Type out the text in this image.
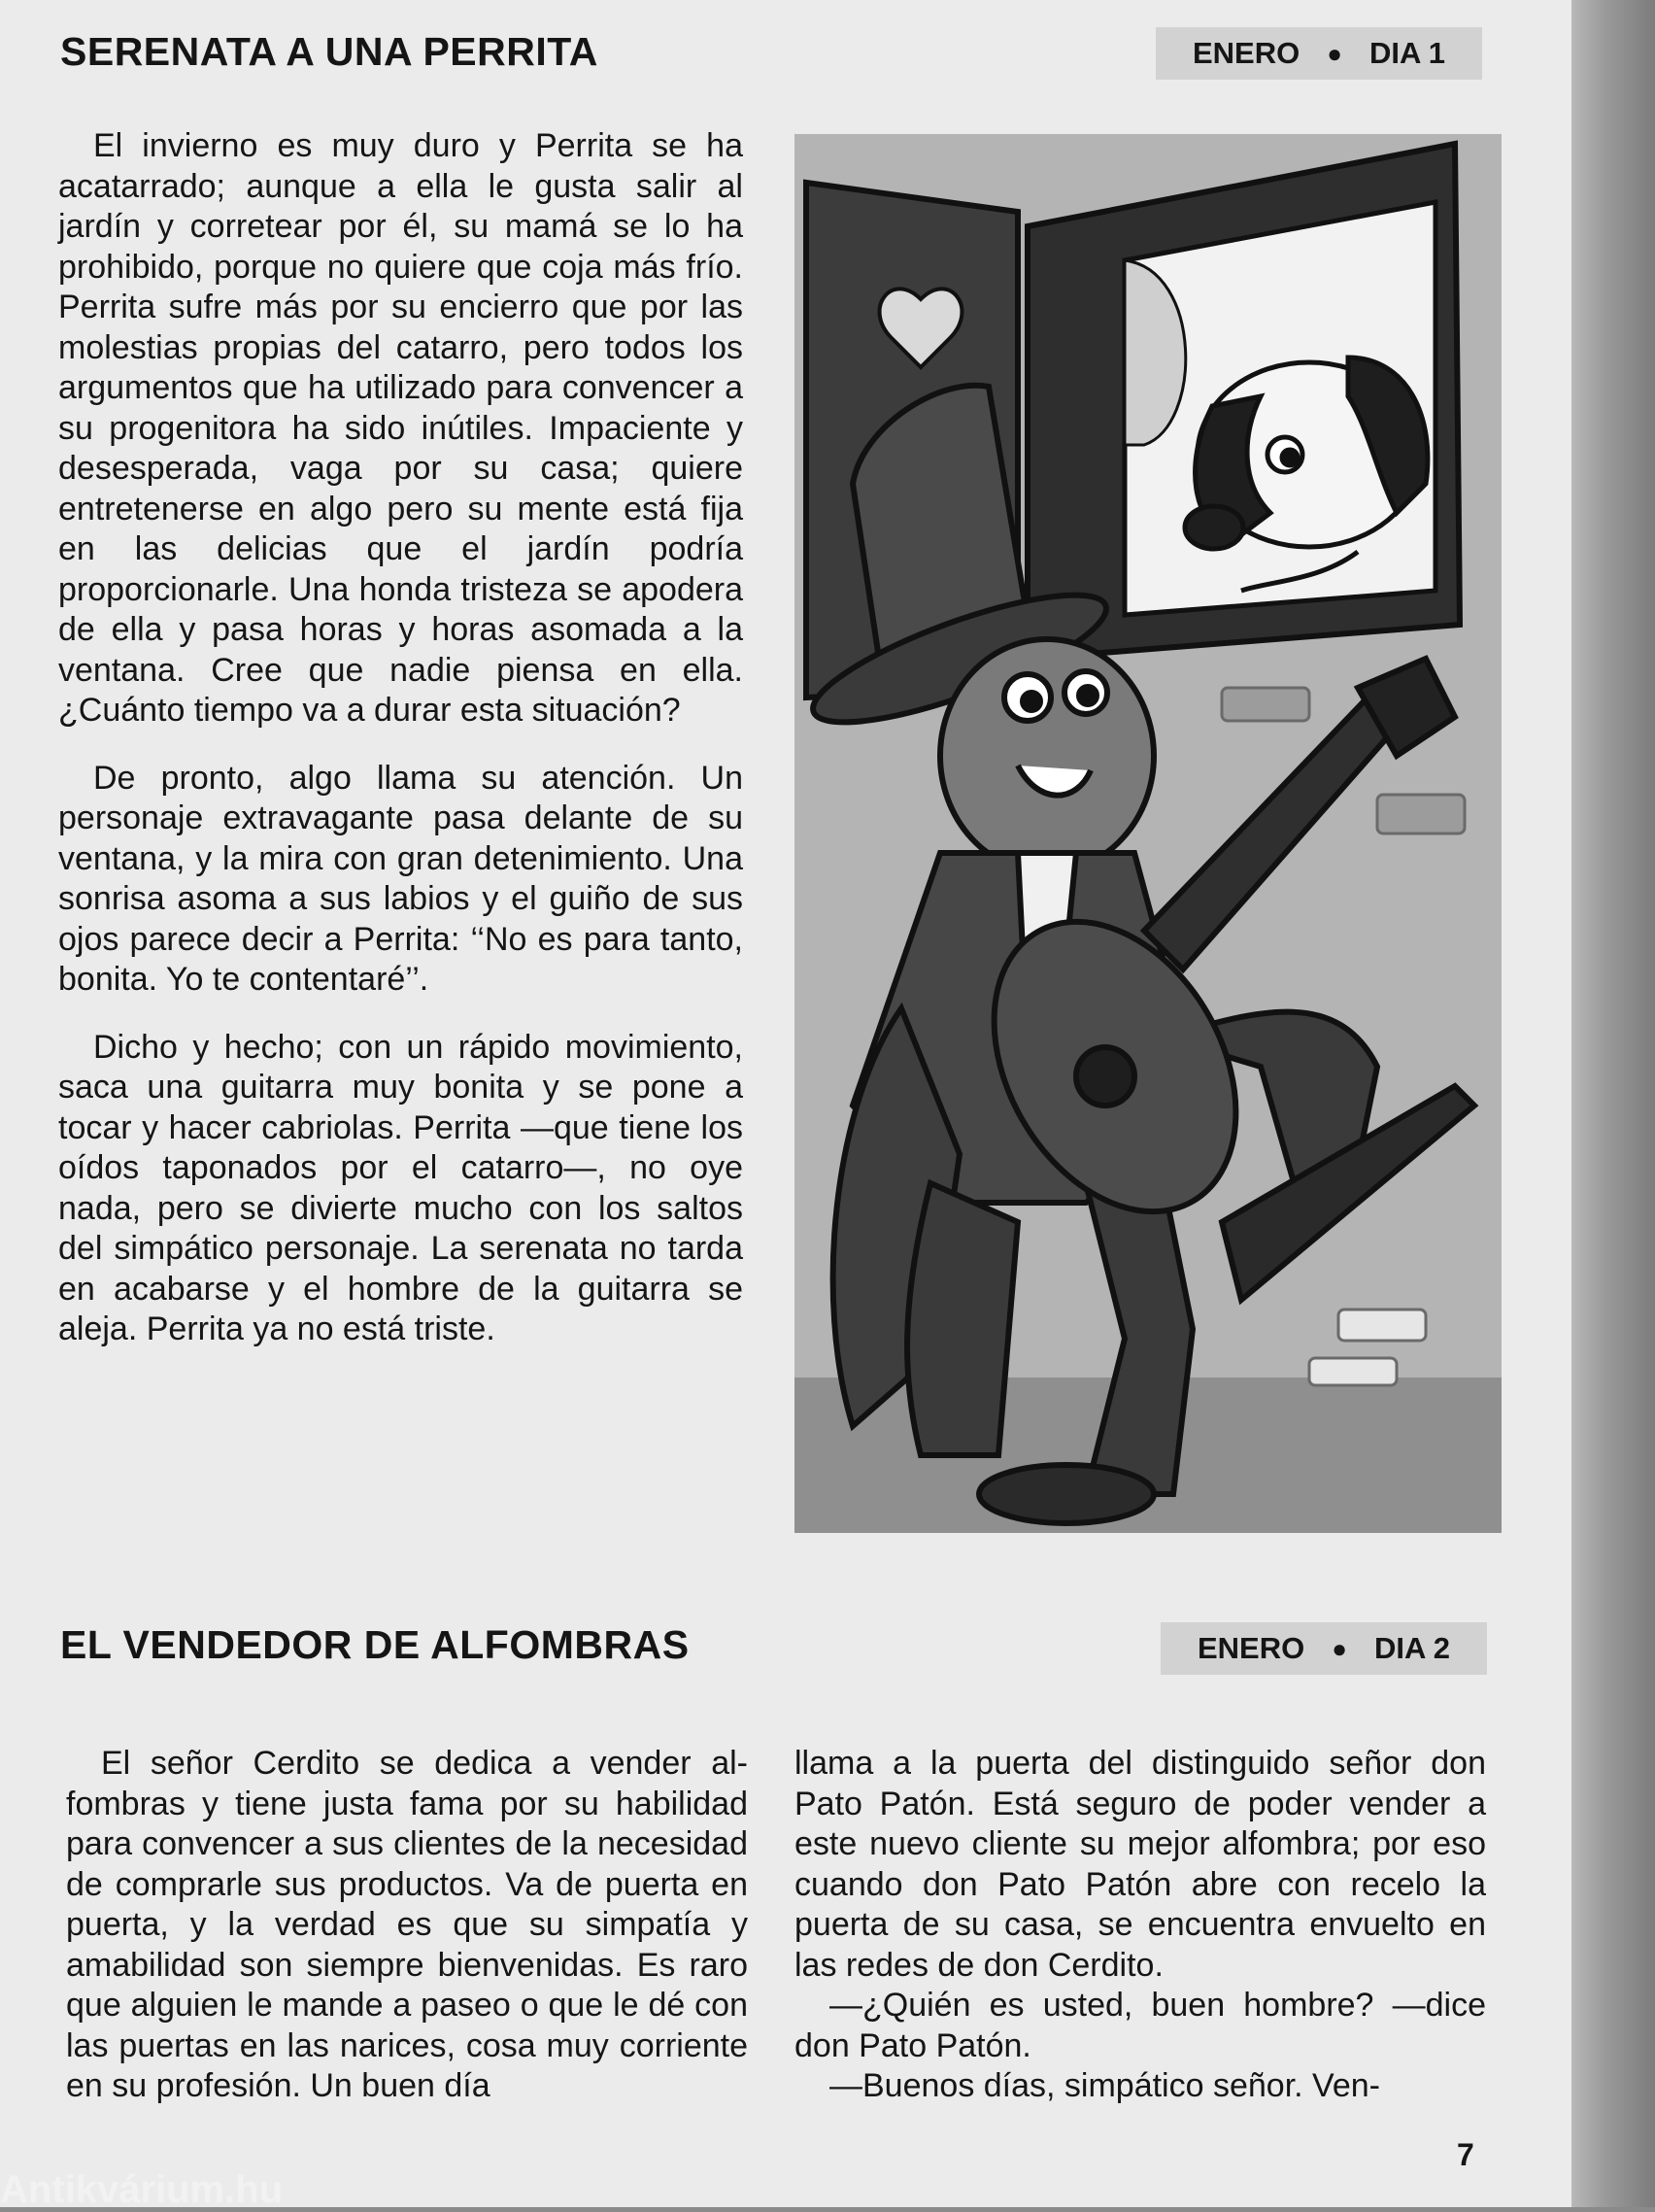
SERENATA A UNA PERRITA	ENERO ● DIA 1

El invierno es muy duro y Perrita se ha acatarrado; aunque a ella le gusta salir al jardín y corretear por él, su mamá se lo ha prohibido, porque no quiere que coja más frío. Perrita sufre más por su encierro que por las molestias propias del catarro, pero todos los argumentos que ha utilizado para convencer a su progenitora ha sido inútiles. Impaciente y desesperada, vaga por su casa; quiere entretenerse en algo pero su mente está fija en las delicias que el jardín podría proporcionarle. Una honda tristeza se apodera de ella y pasa horas y horas asomada a la ventana. Cree que nadie piensa en ella. ¿Cuánto tiempo va a durar esta situación?

De pronto, algo llama su atención. Un personaje extravagante pasa delante de su ventana, y la mira con gran detenimiento. Una sonrisa asoma a sus labios y el guiño de sus ojos parece decir a Perrita: ‘‘No es para tanto, bonita. Yo te contentaré’’.

Dicho y hecho; con un rápido movimiento, saca una guitarra muy bonita y se pone a tocar y hacer cabriolas. Perrita —que tiene los oídos taponados por el catarro—, no oye nada, pero se divierte mucho con los saltos del simpático personaje. La serenata no tarda en acabarse y el hombre de la guitarra se aleja. Perrita ya no está triste.

EL VENDEDOR DE ALFOMBRAS	ENERO ● DIA 2

El señor Cerdito se dedica a vender alfombras y tiene justa fama por su habilidad para convencer a sus clientes de la necesidad de comprarle sus productos. Va de puerta en puerta, y la verdad es que su simpatía y amabilidad son siempre bienvenidas. Es raro que alguien le mande a paseo o que le dé con las puertas en las narices, cosa muy corriente en su profesión. Un buen día

llama a la puerta del distinguido señor don Pato Patón. Está seguro de poder vender a este nuevo cliente su mejor alfombra; por eso cuando don Pato Patón abre con recelo la puerta de su casa, se encuentra envuelto en las redes de don Cerdito.

—¿Quién es usted, buen hombre? —dice don Pato Patón.

—Buenos días, simpático señor. Ven-

7
Antikvárium.hu
